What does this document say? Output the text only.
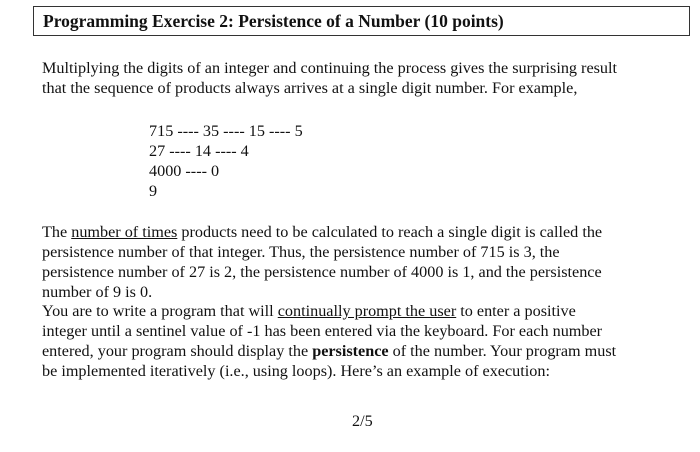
Programming Exercise 2: Persistence of a Number (10 points)
Multiplying the digits of an integer and continuing the process gives the surprising result
that the sequence of products always arrives at a single digit number. For example,
715 ---- 35 ---- 15 ---- 5
27 ---- 14 ---- 4
4000 ---- 0
9
The number of times products need to be calculated to reach a single digit is called the
persistence number of that integer. Thus, the persistence number of 715 is 3, the
persistence number of 27 is 2, the persistence number of 4000 is 1, and the persistence
number of 9 is 0.
You are to write a program that will continually prompt the user to enter a positive
integer until a sentinel value of -1 has been entered via the keyboard. For each number
entered, your program should display the persistence of the number. Your program must
be implemented iteratively (i.e., using loops). Here’s an example of execution:
2/5
